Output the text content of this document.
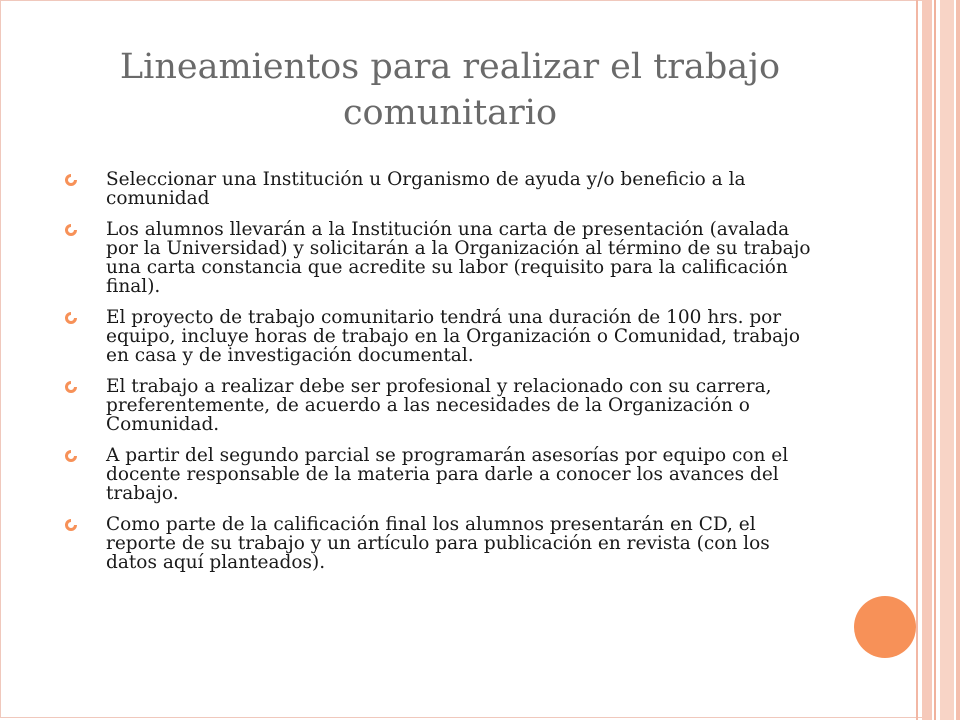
Lineamientos para realizar el trabajo comunitario
Seleccionar una Institución u Organismo de ayuda y/o beneficio a la comunidad
Los alumnos llevarán a la Institución una carta de presentación (avalada por la Universidad) y solicitarán a la Organización al término de su trabajo una carta constancia que acredite su labor (requisito para la calificación final).
El proyecto de trabajo comunitario tendrá una duración de 100 hrs. por equipo, incluye horas de trabajo en la Organización o Comunidad, trabajo en casa y de investigación documental.
El trabajo a realizar debe ser profesional y relacionado con su carrera, preferentemente, de acuerdo a las necesidades de la Organización o Comunidad.
A partir del segundo parcial se programarán asesorías por equipo con el docente responsable de la materia para darle a conocer los avances del trabajo.
Como parte de la calificación final los alumnos presentarán en CD, el reporte de su trabajo y un artículo para publicación en revista (con los datos aquí planteados).
